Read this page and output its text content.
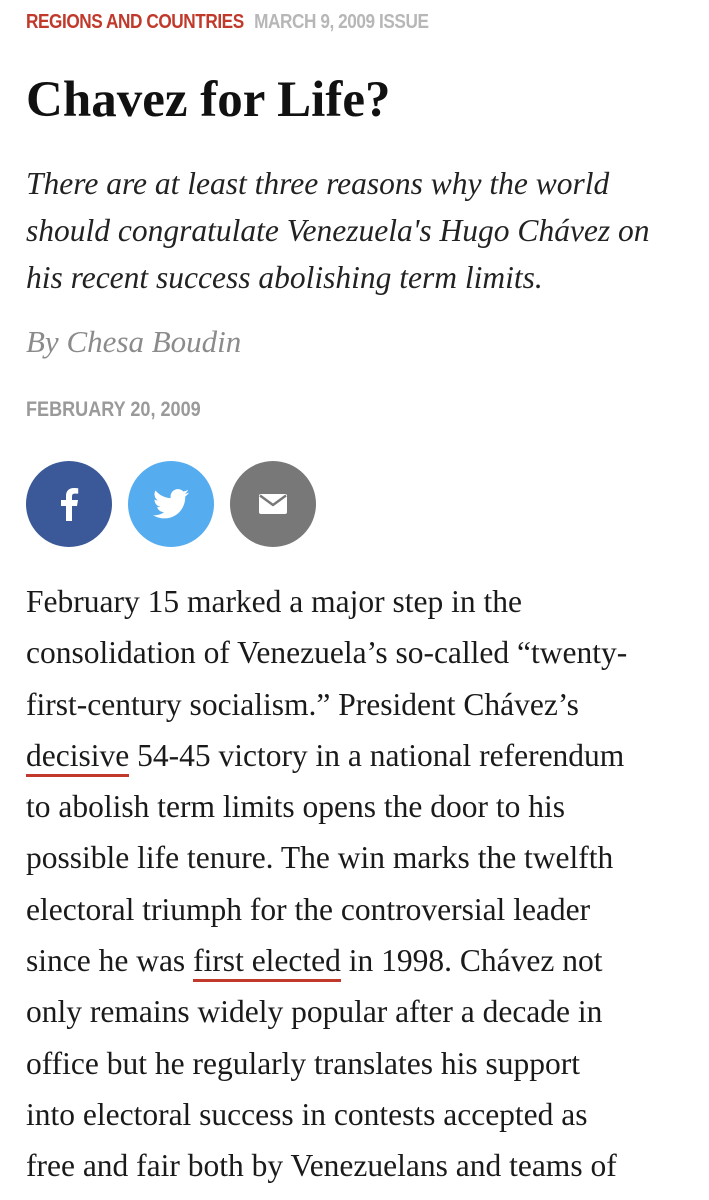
REGIONS AND COUNTRIES MARCH 9, 2009 ISSUE
Chavez for Life?

There are at least three reasons why the world should congratulate Venezuela's Hugo Chávez on his recent success abolishing term limits.

By Chesa Boudin

FEBRUARY 20, 2009
February 15 marked a major step in the
consolidation of Venezuela’s so-called “twenty-
first-century socialism.” President Chávez’s
decisive 54-45 victory in a national referendum
to abolish term limits opens the door to his
possible life tenure. The win marks the twelfth
electoral triumph for the controversial leader
since he was first elected in 1998. Chávez not
only remains widely popular after a decade in
office but he regularly translates his support
into electoral success in contests accepted as
free and fair both by Venezuelans and teams of
